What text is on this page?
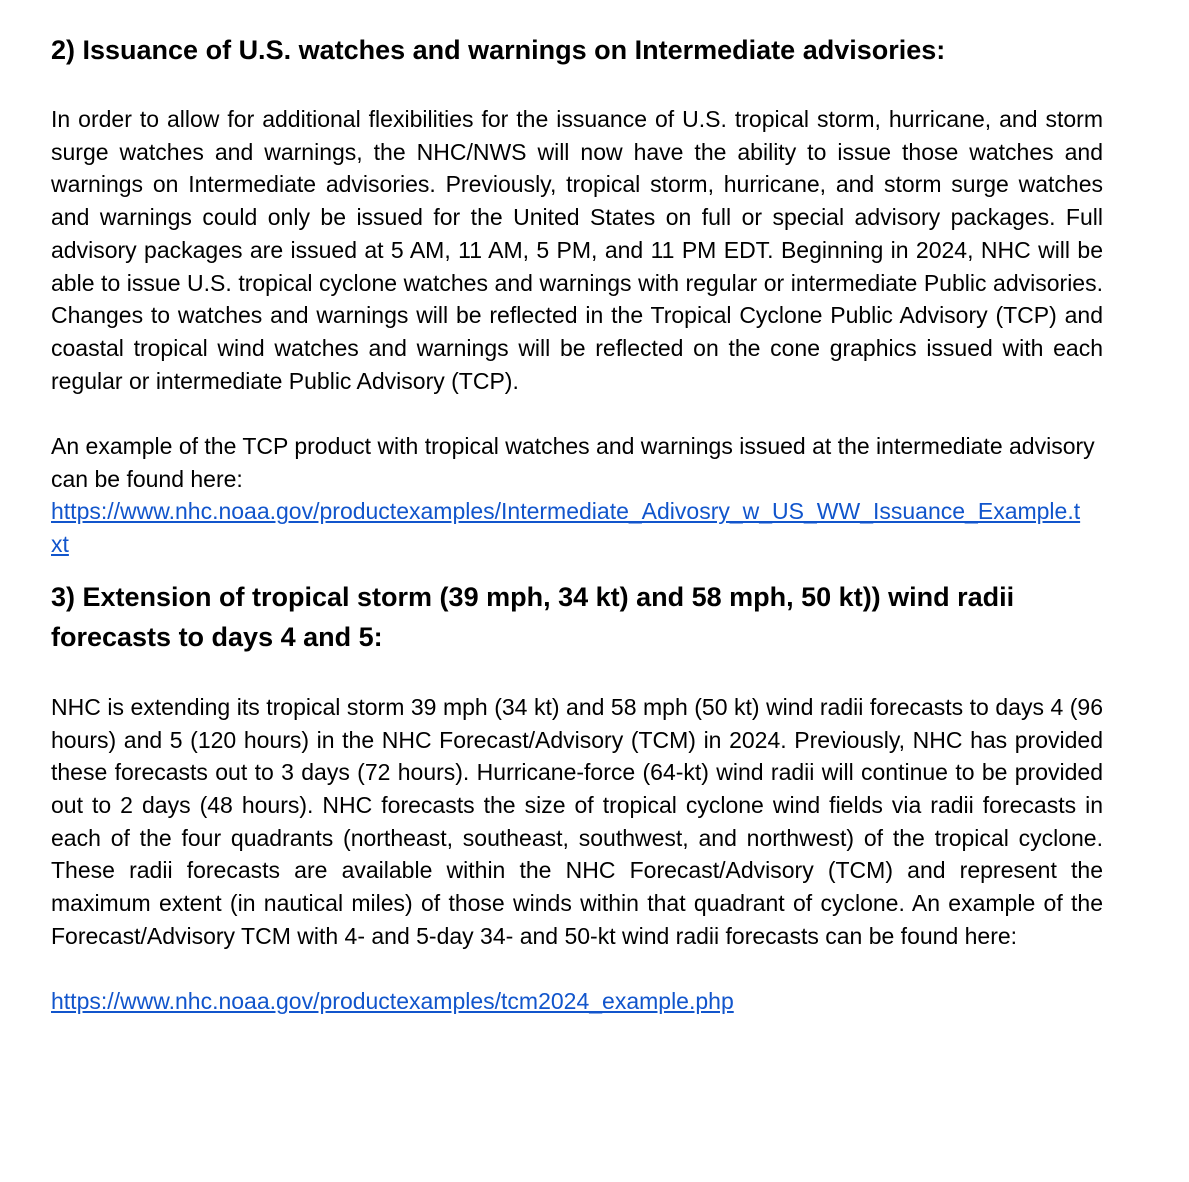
2) Issuance of U.S. watches and warnings on Intermediate advisories:

In order to allow for additional flexibilities for the issuance of U.S. tropical storm, hurricane, and storm surge watches and warnings, the NHC/NWS will now have the ability to issue those watches and warnings on Intermediate advisories. Previously, tropical storm, hurricane, and storm surge watches and warnings could only be issued for the United States on full or special advisory packages. Full advisory packages are issued at 5 AM, 11 AM, 5 PM, and 11 PM EDT. Beginning in 2024, NHC will be able to issue U.S. tropical cyclone watches and warnings with regular or intermediate Public advisories. Changes to watches and warnings will be reflected in the Tropical Cyclone Public Advisory (TCP) and coastal tropical wind watches and warnings will be reflected on the cone graphics issued with each regular or intermediate Public Advisory (TCP).

An example of the TCP product with tropical watches and warnings issued at the intermediate advisory can be found here:

https://www.nhc.noaa.gov/productexamples/Intermediate_Adivosry_w_US_WW_Issuance_Example.txt
3) Extension of tropical storm (39 mph, 34 kt) and 58 mph, 50 kt)) wind radii forecasts to days 4 and 5:

NHC is extending its tropical storm 39 mph (34 kt) and 58 mph (50 kt) wind radii forecasts to days 4 (96 hours) and 5 (120 hours) in the NHC Forecast/Advisory (TCM) in 2024. Previously, NHC has provided these forecasts out to 3 days (72 hours). Hurricane-force (64-kt) wind radii will continue to be provided out to 2 days (48 hours). NHC forecasts the size of tropical cyclone wind fields via radii forecasts in each of the four quadrants (northeast, southeast, southwest, and northwest) of the tropical cyclone. These radii forecasts are available within the NHC Forecast/Advisory (TCM) and represent the maximum extent (in nautical miles) of those winds within that quadrant of cyclone. An example of the Forecast/Advisory TCM with 4- and 5-day 34- and 50-kt wind radii forecasts can be found here:

https://www.nhc.noaa.gov/productexamples/tcm2024_example.php
